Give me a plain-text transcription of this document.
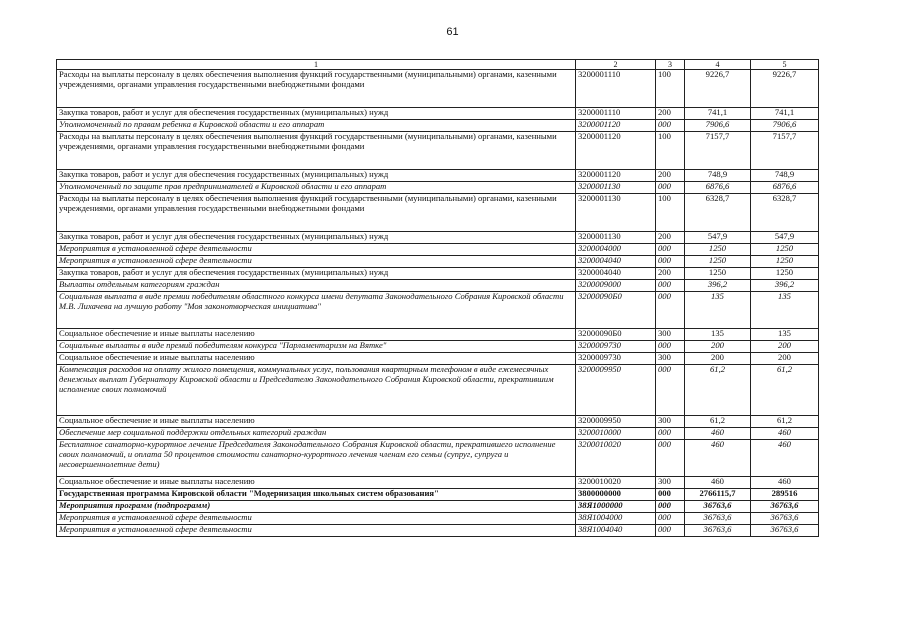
61
1	2	3	4	5
Расходы на выплаты персоналу в целях обеспечения выполнения функций государственными (муниципальными) органами, казенными учреждениями, органами управления государственными внебюджетными фондами	3200001110	100	9226,7	9226,7
Закупка товаров, работ и услуг для обеспечения государственных (муниципальных) нужд	3200001110	200	741,1	741,1
Уполномоченный по правам ребенка в Кировской области и его аппарат	3200001120	000	7906,6	7906,6
Расходы на выплаты персоналу в целях обеспечения выполнения функций государственными (муниципальными) органами, казенными учреждениями, органами управления государственными внебюджетными фондами	3200001120	100	7157,7	7157,7
Закупка товаров, работ и услуг для обеспечения государственных (муниципальных) нужд	3200001120	200	748,9	748,9
Уполномоченный по защите прав предпринимателей в Кировской области и его аппарат	3200001130	000	6876,6	6876,6
Расходы на выплаты персоналу в целях обеспечения выполнения функций государственными (муниципальными) органами, казенными учреждениями, органами управления государственными внебюджетными фондами	3200001130	100	6328,7	6328,7
Закупка товаров, работ и услуг для обеспечения государственных (муниципальных) нужд	3200001130	200	547,9	547,9
Мероприятия в установленной сфере деятельности	3200004000	000	1250	1250
Мероприятия в установленной сфере деятельности	3200004040	000	1250	1250
Закупка товаров, работ и услуг для обеспечения государственных (муниципальных) нужд	3200004040	200	1250	1250
Выплаты отдельным категориям граждан	3200009000	000	396,2	396,2
Социальная выплата в виде премии победителям областного конкурса имени депутата Законодательного Собрания Кировской области М.В. Лихачева на лучшую работу "Моя законотворческая инициатива"	32000090Б0	000	135	135
Социальное обеспечение и иные выплаты населению	32000090Б0	300	135	135
Социальные выплаты в виде премий победителям конкурса "Парламентаризм на Вятке"	3200009730	000	200	200
Социальное обеспечение и иные выплаты населению	3200009730	300	200	200
Компенсация расходов на оплату жилого помещения, коммунальных услуг, пользования квартирным телефоном в виде ежемесячных денежных выплат Губернатору Кировской области и Председателю Законодательного Собрания Кировской области, прекратившим исполнение своих полномочий	3200009950	000	61,2	61,2
Социальное обеспечение и иные выплаты населению	3200009950	300	61,2	61,2
Обеспечение мер социальной поддержки отдельных категорий граждан	3200010000	000	460	460
Бесплатное санаторно-курортное лечение Председателя Законодательного Собрания Кировской области, прекратившего исполнение своих полномочий, и оплата 50 процентов стоимости санаторно-курортного лечения членам его семьи (супруг, супруга и несовершеннолетние дети)	3200010020	000	460	460
Социальное обеспечение и иные выплаты населению	3200010020	300	460	460
Государственная программа Кировской области "Модернизация школьных систем образования"	3800000000	000	2766115,7	289516
Мероприятия программ (подпрограмм)	38Я1000000	000	36763,6	36763,6
Мероприятия в установленной сфере деятельности	38Я1004000	000	36763,6	36763,6
Мероприятия в установленной сфере деятельности	38Я1004040	000	36763,6	36763,6
